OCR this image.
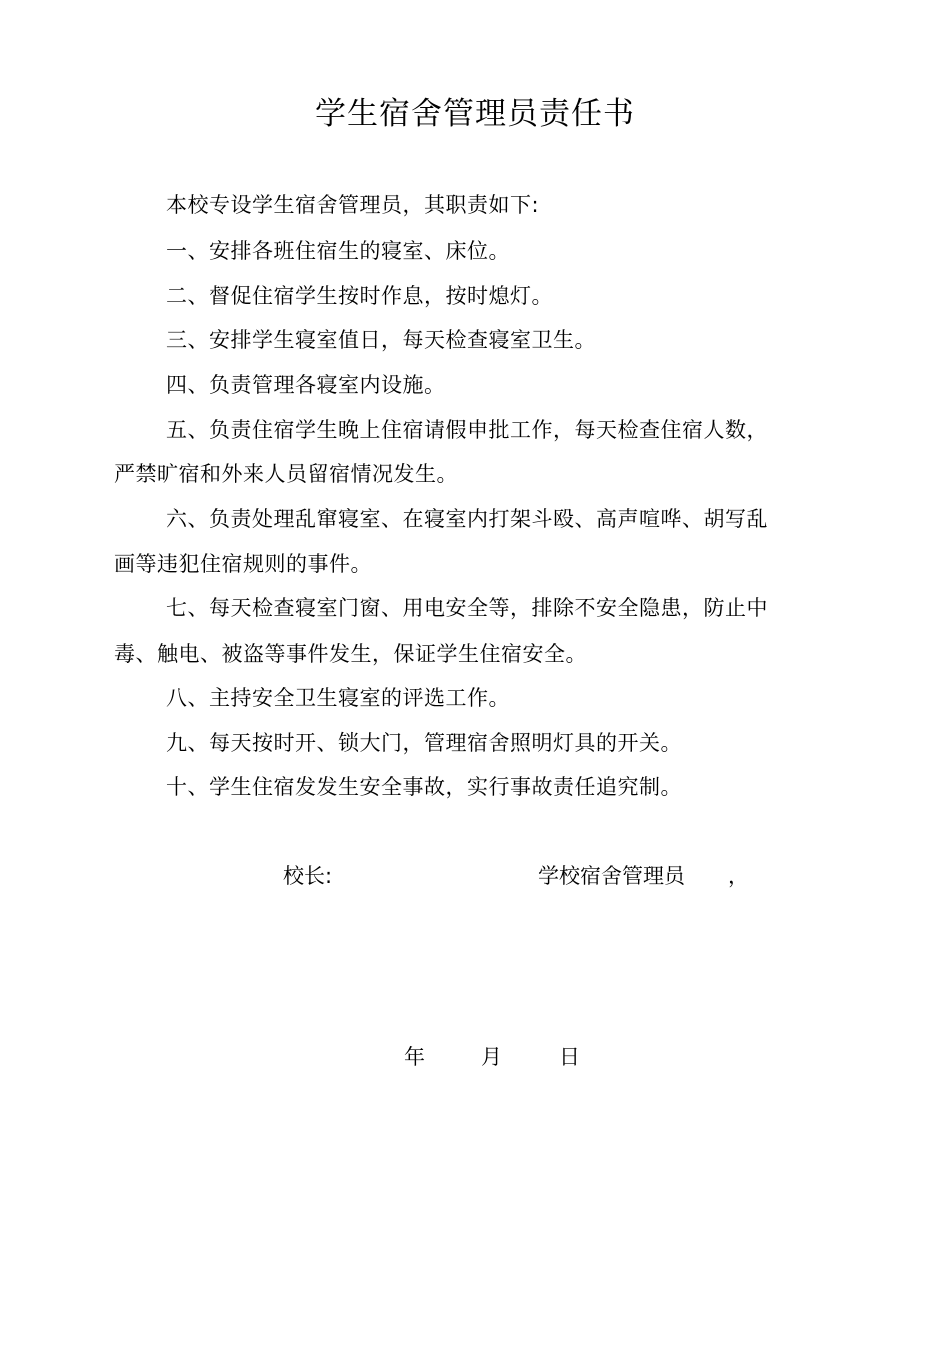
学生宿舍管理员责任书
本校专设学生宿舍管理员，其职责如下:
一、安排各班住宿生的寝室、床位。
二、督促住宿学生按时作息，按时熄灯。
三、安排学生寝室值日，每天检查寝室卫生。
四、负责管理各寝室内设施。
五、负责住宿学生晚上住宿请假申批工作，每天检查住宿人数，
严禁旷宿和外来人员留宿情况发生。
六、负责处理乱窜寝室、在寝室内打架斗殴、高声喧哗、胡写乱
画等违犯住宿规则的事件。
七、每天检查寝室门窗、用电安全等，排除不安全隐患，防止中
毒、触电、被盗等事件发生，保证学生住宿安全。
八、主持安全卫生寝室的评选工作。
九、每天按时开、锁大门，管理宿舍照明灯具的开关。
十、学生住宿发发生安全事故，实行事故责任追究制。
校长:	学校宿舍管理员 ，
年	月	日
